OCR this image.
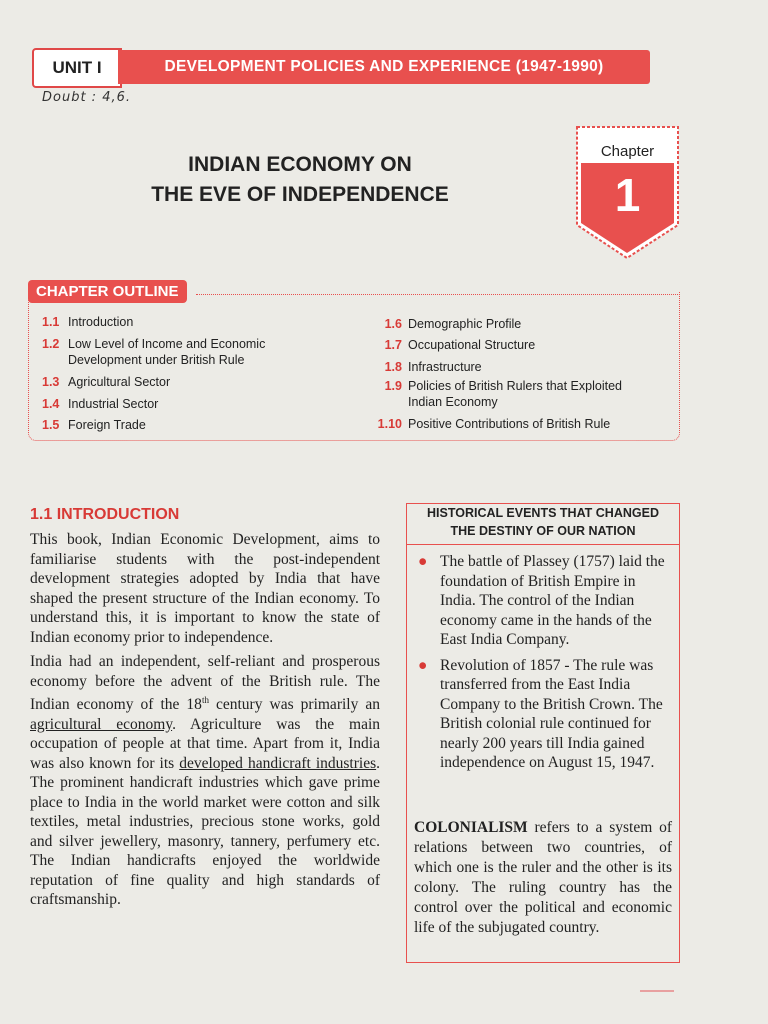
UNIT I	DEVELOPMENT POLICIES AND EXPERIENCE (1947-1990)
Doubt : 4,6.
INDIAN ECONOMY ON
THE EVE OF INDEPENDENCE
Chapter
1
CHAPTER OUTLINE
1.1 Introduction
1.2 Low Level of Income and Economic Development under British Rule
1.3 Agricultural Sector
1.4 Industrial Sector
1.5 Foreign Trade
1.6 Demographic Profile
1.7 Occupational Structure
1.8 Infrastructure
1.9 Policies of British Rulers that Exploited Indian Economy
1.10 Positive Contributions of British Rule
1.1 INTRODUCTION

This book, Indian Economic Development, aims to familiarise students with the post-independent development strategies adopted by India that have shaped the present structure of the Indian economy. To understand this, it is important to know the state of Indian economy prior to independence.

India had an independent, self-reliant and prosperous economy before the advent of the British rule. The Indian economy of the 18th century was primarily an agricultural economy. Agriculture was the main occupation of people at that time. Apart from it, India was also known for its developed handicraft industries. The prominent handicraft industries which gave prime place to India in the world market were cotton and silk textiles, metal industries, precious stone works, gold and silver jewellery, masonry, tannery, perfumery etc. The Indian handicrafts enjoyed the worldwide reputation of fine quality and high standards of craftsmanship.

HISTORICAL EVENTS THAT CHANGED
THE DESTINY OF OUR NATION
● The battle of Plassey (1757) laid the foundation of British Empire in India. The control of the Indian economy came in the hands of the East India Company.
● Revolution of 1857 - The rule was transferred from the East India Company to the British Crown. The British colonial rule continued for nearly 200 years till India gained independence on August 15, 1947.
COLONIALISM refers to a system of relations between two countries, of which one is the ruler and the other is its colony. The ruling country has the control over the political and economic life of the subjugated country.
